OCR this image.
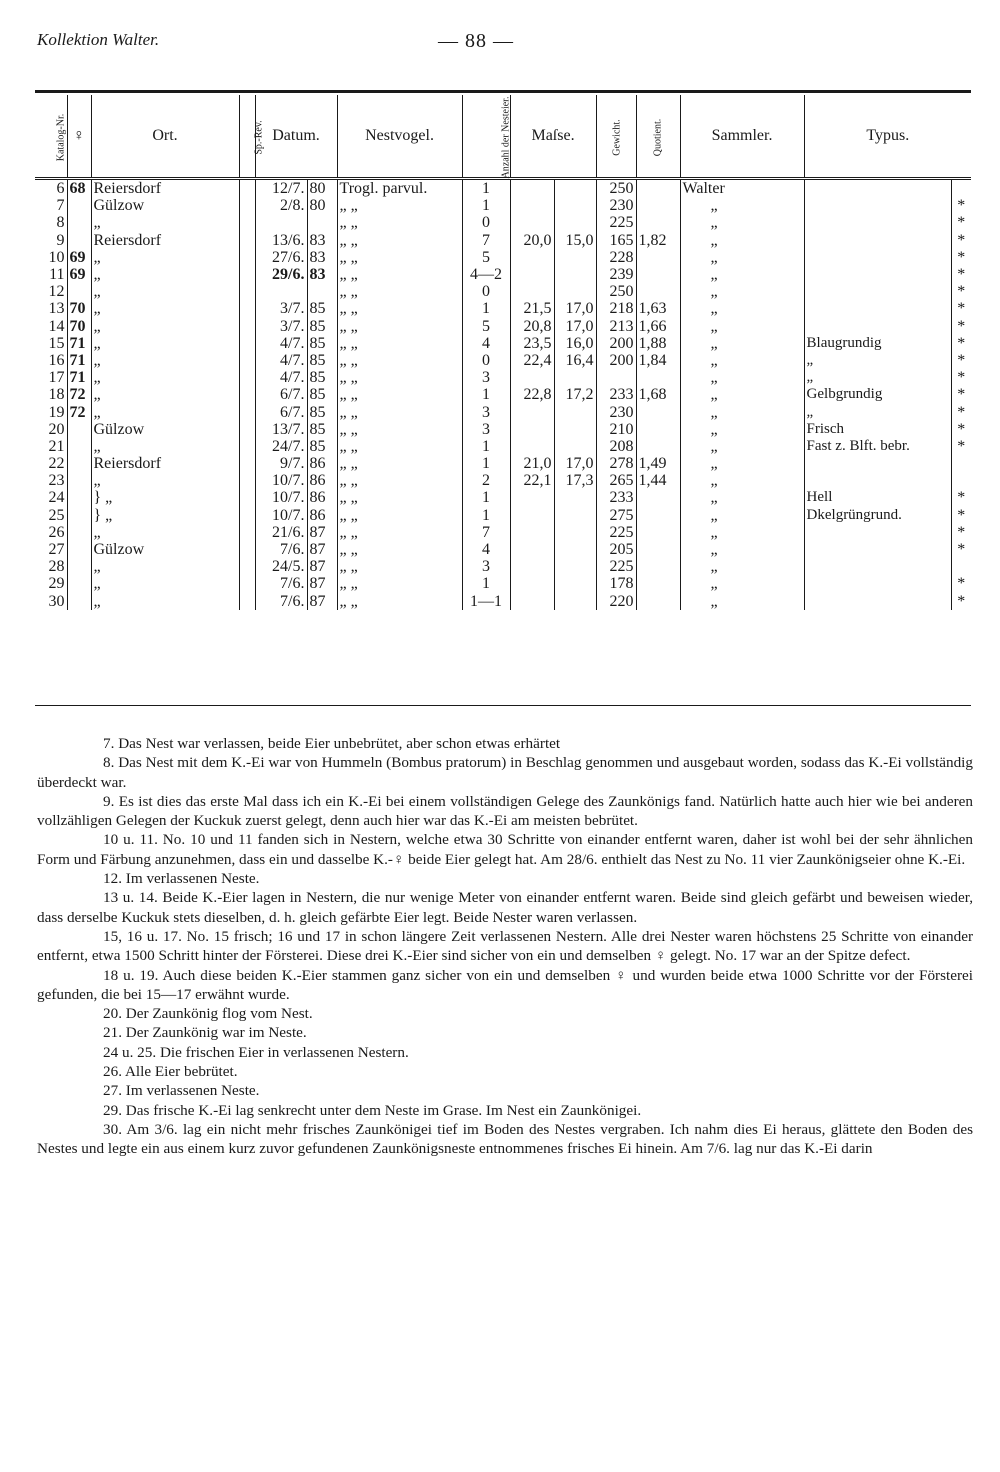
Kollektion Walter.	— 88 —
Katalog-Nr.	♀	Ort.	Sp.-Rev.	Datum.		Nestvogel.	Anzahl der Nesteier.	Maſse.		Gewicht.	Quotient.	Sammler.	Typus.	
6	68	Reiersdorf		12/7.	80	Trogl. parvul.	1			250		Walter		
7		Gülzow		2/8.	80	„ „	1			230		„		*
8		„				„ „	0			225		„		*
9		Reiersdorf		13/6.	83	„ „	7	20,0	15,0	165	1,82	„		*
10	69	„		27/6.	83	„ „	5			228		„		*
11	69	„		29/6.	83	„ „	4—2			239		„		*
12		„				„ „	0			250		„		*
13	70	„		3/7.	85	„ „	1	21,5	17,0	218	1,63	„		*
14	70	„		3/7.	85	„ „	5	20,8	17,0	213	1,66	„		*
15	71	„		4/7.	85	„ „	4	23,5	16,0	200	1,88	„	Blaugrundig	*
16	71	„		4/7.	85	„ „	0	22,4	16,4	200	1,84	„	„	*
17	71	„		4/7.	85	„ „	3					„	„	*
18	72	„		6/7.	85	„ „	1	22,8	17,2	233	1,68	„	Gelbgrundig	*
19	72	„		6/7.	85	„ „	3			230		„	„	*
20		Gülzow		13/7.	85	„ „	3			210		„	Frisch	*
21		„		24/7.	85	„ „	1			208		„	Fast z. Blft. bebr.	*
22		Reiersdorf		9/7.	86	„ „	1	21,0	17,0	278	1,49	„		
23		„		10/7.	86	„ „	2	22,1	17,3	265	1,44	„		
24		} „		10/7.	86	„ „	1			233		„	Hell	*
25		} „		10/7.	86	„ „	1			275		„	Dkelgrüngrund.	*
26		„		21/6.	87	„ „	7			225		„		*
27		Gülzow		7/6.	87	„ „	4			205		„		*
28		„		24/5.	87	„ „	3			225		„		
29		„		7/6.	87	„ „	1			178		„		*
30		„		7/6.	87	„ „	1—1			220		„		*

7. Das Nest war verlassen, beide Eier unbebrütet, aber schon etwas erhärtet

8. Das Nest mit dem K.-Ei war von Hummeln (Bombus pratorum) in Beschlag genommen und ausgebaut worden, sodass das K.-Ei vollständig überdeckt war.

9. Es ist dies das erste Mal dass ich ein K.-Ei bei einem vollständigen Gelege des Zaunkönigs fand. Natürlich hatte auch hier wie bei anderen vollzähligen Gelegen der Kuckuk zuerst gelegt, denn auch hier war das K.-Ei am meisten bebrütet.

10 u. 11. No. 10 und 11 fanden sich in Nestern, welche etwa 30 Schritte von einander entfernt waren, daher ist wohl bei der sehr ähnlichen Form und Färbung anzunehmen, dass ein und dasselbe K.-♀ beide Eier gelegt hat. Am 28/6. enthielt das Nest zu No. 11 vier Zaunkönigseier ohne K.-Ei.

12. Im verlassenen Neste.

13 u. 14. Beide K.-Eier lagen in Nestern, die nur wenige Meter von einander entfernt waren. Beide sind gleich gefärbt und beweisen wieder, dass derselbe Kuckuk stets dieselben, d. h. gleich gefärbte Eier legt. Beide Nester waren verlassen.

15, 16 u. 17. No. 15 frisch; 16 und 17 in schon längere Zeit verlassenen Nestern. Alle drei Nester waren höchstens 25 Schritte von einander entfernt, etwa 1500 Schritt hinter der Försterei. Diese drei K.-Eier sind sicher von ein und demselben ♀ gelegt. No. 17 war an der Spitze defect.

18 u. 19. Auch diese beiden K.-Eier stammen ganz sicher von ein und demselben ♀ und wurden beide etwa 1000 Schritte vor der Försterei gefunden, die bei 15—17 erwähnt wurde.

20. Der Zaunkönig flog vom Nest.

21. Der Zaunkönig war im Neste.

24 u. 25. Die frischen Eier in verlassenen Nestern.

26. Alle Eier bebrütet.

27. Im verlassenen Neste.

29. Das frische K.-Ei lag senkrecht unter dem Neste im Grase. Im Nest ein Zaunkönigei.

30. Am 3/6. lag ein nicht mehr frisches Zaunkönigei tief im Boden des Nestes vergraben. Ich nahm dies Ei heraus, glättete den Boden des Nestes und legte ein aus einem kurz zuvor gefundenen Zaunkönigsneste entnommenes frisches Ei hinein. Am 7/6. lag nur das K.-Ei darin
